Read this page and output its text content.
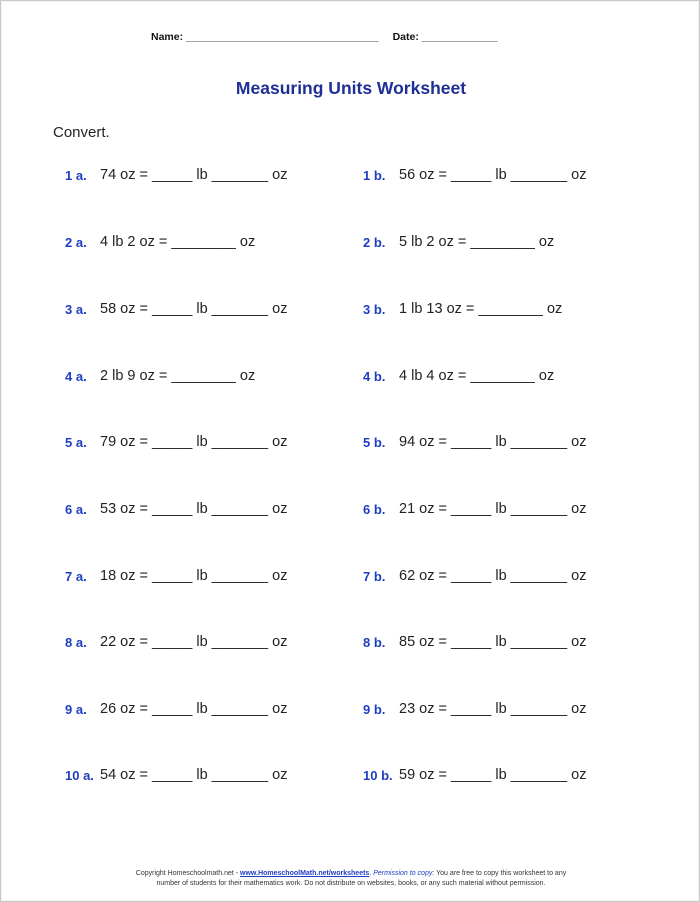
Name: _________________________________ Date: _____________
Measuring Units Worksheet
Convert.
1 a. 74 oz = _____ lb _______ oz	1 b. 56 oz = _____ lb _______ oz
2 a. 4 lb 2 oz = ________ oz	2 b. 5 lb 2 oz = ________ oz
3 a. 58 oz = _____ lb _______ oz	3 b. 1 lb 13 oz = ________ oz
4 a. 2 lb 9 oz = ________ oz	4 b. 4 lb 4 oz = ________ oz
5 a. 79 oz = _____ lb _______ oz	5 b. 94 oz = _____ lb _______ oz
6 a. 53 oz = _____ lb _______ oz	6 b. 21 oz = _____ lb _______ oz
7 a. 18 oz = _____ lb _______ oz	7 b. 62 oz = _____ lb _______ oz
8 a. 22 oz = _____ lb _______ oz	8 b. 85 oz = _____ lb _______ oz
9 a. 26 oz = _____ lb _______ oz	9 b. 23 oz = _____ lb _______ oz
10 a. 54 oz = _____ lb _______ oz	10 b. 59 oz = _____ lb _______ oz
Copyright Homeschoolmath.net - www.HomeschoolMath.net/worksheets. Permission to copy: You are free to copy this worksheet to any
number of students for their mathematics work. Do not distribute on websites, books, or any such material without permission.
